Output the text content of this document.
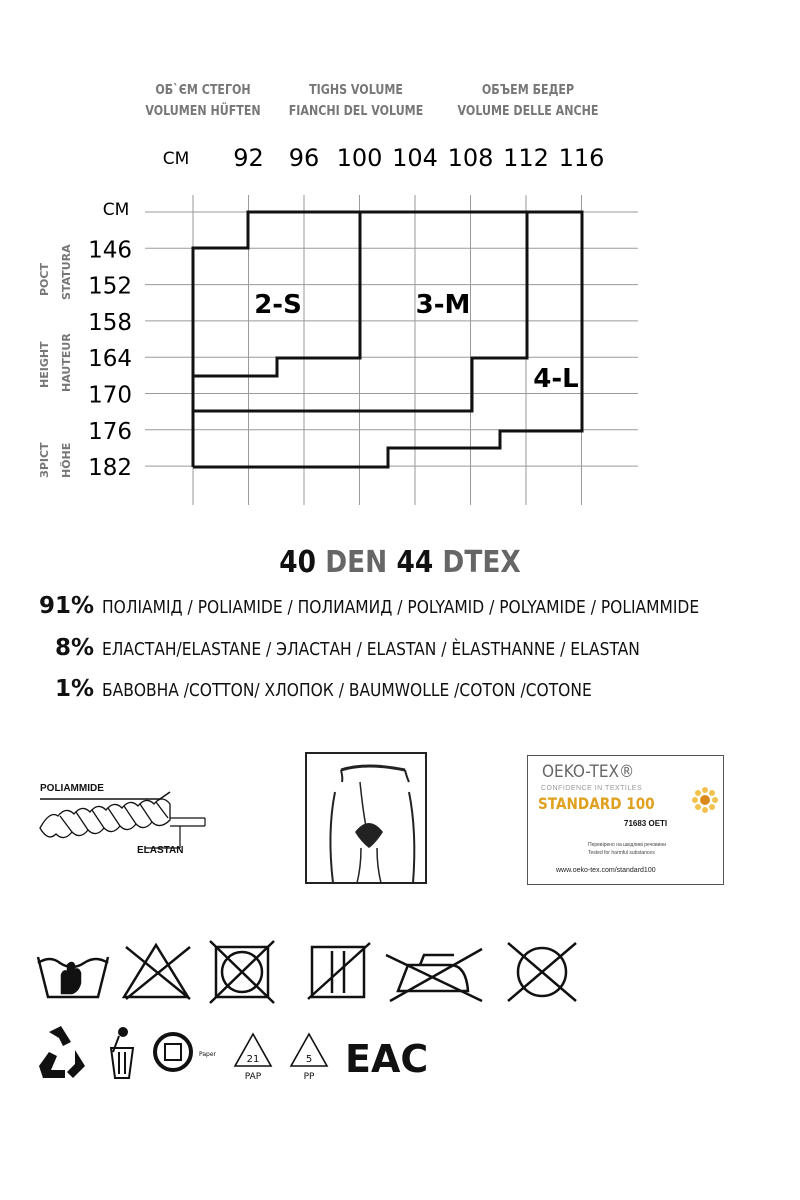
ОБ`ЄМ СТЕГОН
VOLUMEN HÜFTEN
TIGHS VOLUME
FIANCHI DEL VOLUME
ОБЪЕМ БЕДЕР
VOLUME DELLE ANCHE
92 96 100 104 108 112 116
146
152
158
164
170
176
182
СМ
CM
РОСТ STATURA
HEIGHT HAUTEUR
ЗРІСТ HÖHE
2-S	3-M
4-L
40 DEN 44 DTEX
91% ПОЛІАМІД / POLIAMIDE / ПОЛИАМИД / POLYAMID / POLYAMIDE / POLIAMMIDE
8% ЕЛАСТАН/ELASTANE / ЭЛАСТАН / ELASTAN / ÈLASTHANNE / ELASTAN
1% БАВОВНА /COTTON/ ХЛОПОК / BAUMWOLLE /COTON /COTONE
POLIAMMIDE
ELASTAN
OEKO-TEX®
CONFIDENCE IN TEXTILES
STANDARD 100
71683 OETI
Перевірено на шкідливі речовини
Tested for harmful substances
www.oeko-tex.com/standard100
Paper	21
PAP
5
PP EAC
